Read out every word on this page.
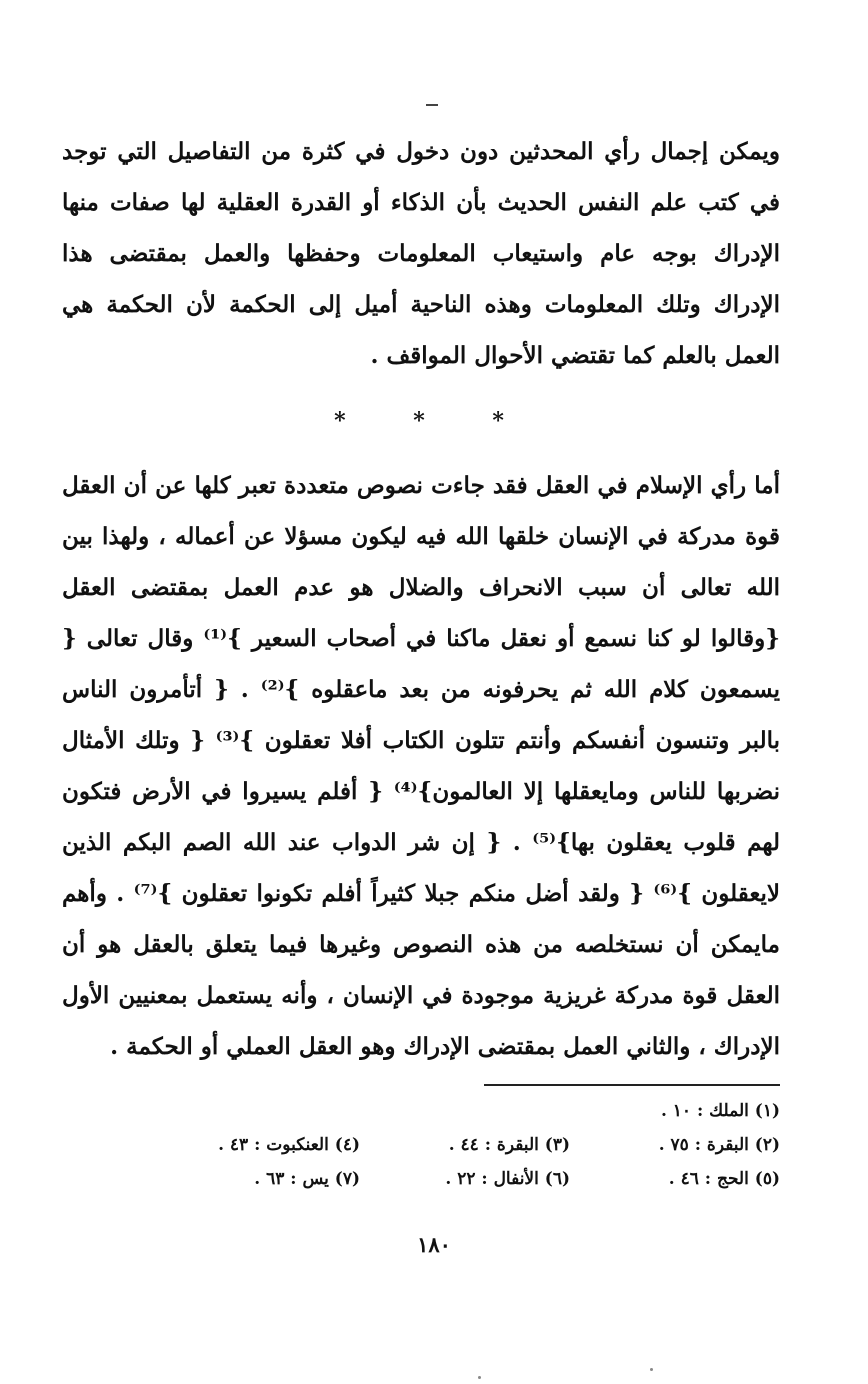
ويمكن إجمال رأي المحدثين دون دخول في كثرة من التفاصيل التي توجد في كتب علم النفس الحديث بأن الذكاء أو القدرة العقلية لها صفات منها الإدراك بوجه عام واستيعاب المعلومات وحفظها والعمل بمقتضى هذا الإدراك وتلك المعلومات وهذه الناحية أميل إلى الحكمة لأن الحكمة هي العمل بالعلم كما تقتضي الأحوال المواقف .

* * *

أما رأي الإسلام في العقل فقد جاءت نصوص متعددة تعبر كلها عن أن العقل قوة مدركة في الإنسان خلقها الله فيه ليكون مسؤلا عن أعماله ، ولهذا بين الله تعالى أن سبب الانحراف والضلال هو عدم العمل بمقتضى العقل {وقالوا لو كنا نسمع أو نعقل ماكنا في أصحاب السعير }⁽¹⁾ وقال تعالى { يسمعون كلام الله ثم يحرفونه من بعد ماعقلوه }⁽²⁾ . { أتأمرون الناس بالبر وتنسون أنفسكم وأنتم تتلون الكتاب أفلا تعقلون }⁽³⁾ { وتلك الأمثال نضربها للناس ومايعقلها إلا العالمون}⁽⁴⁾ { أفلم يسيروا في الأرض فتكون لهم قلوب يعقلون بها}⁽⁵⁾ . { إن شر الدواب عند الله الصم البكم الذين لايعقلون }⁽⁶⁾ { ولقد أضل منكم جبلا كثيراً أفلم تكونوا تعقلون }⁽⁷⁾ . وأهم مايمكن أن نستخلصه من هذه النصوص وغيرها فيما يتعلق بالعقل هو أن العقل قوة مدركة غريزية موجودة في الإنسان ، وأنه يستعمل بمعنيين الأول الإدراك ، والثاني العمل بمقتضى الإدراك وهو العقل العملي أو الحكمة .

(١) الملك : ١٠ .
(٢) البقرة : ٧٥ .
(٣) البقرة : ٤٤ .
(٤) العنكبوت : ٤٣ .
(٥) الحج : ٤٦ .
(٦) الأنفال : ٢٢ .
(٧) يس : ٦٣ .
١٨٠
